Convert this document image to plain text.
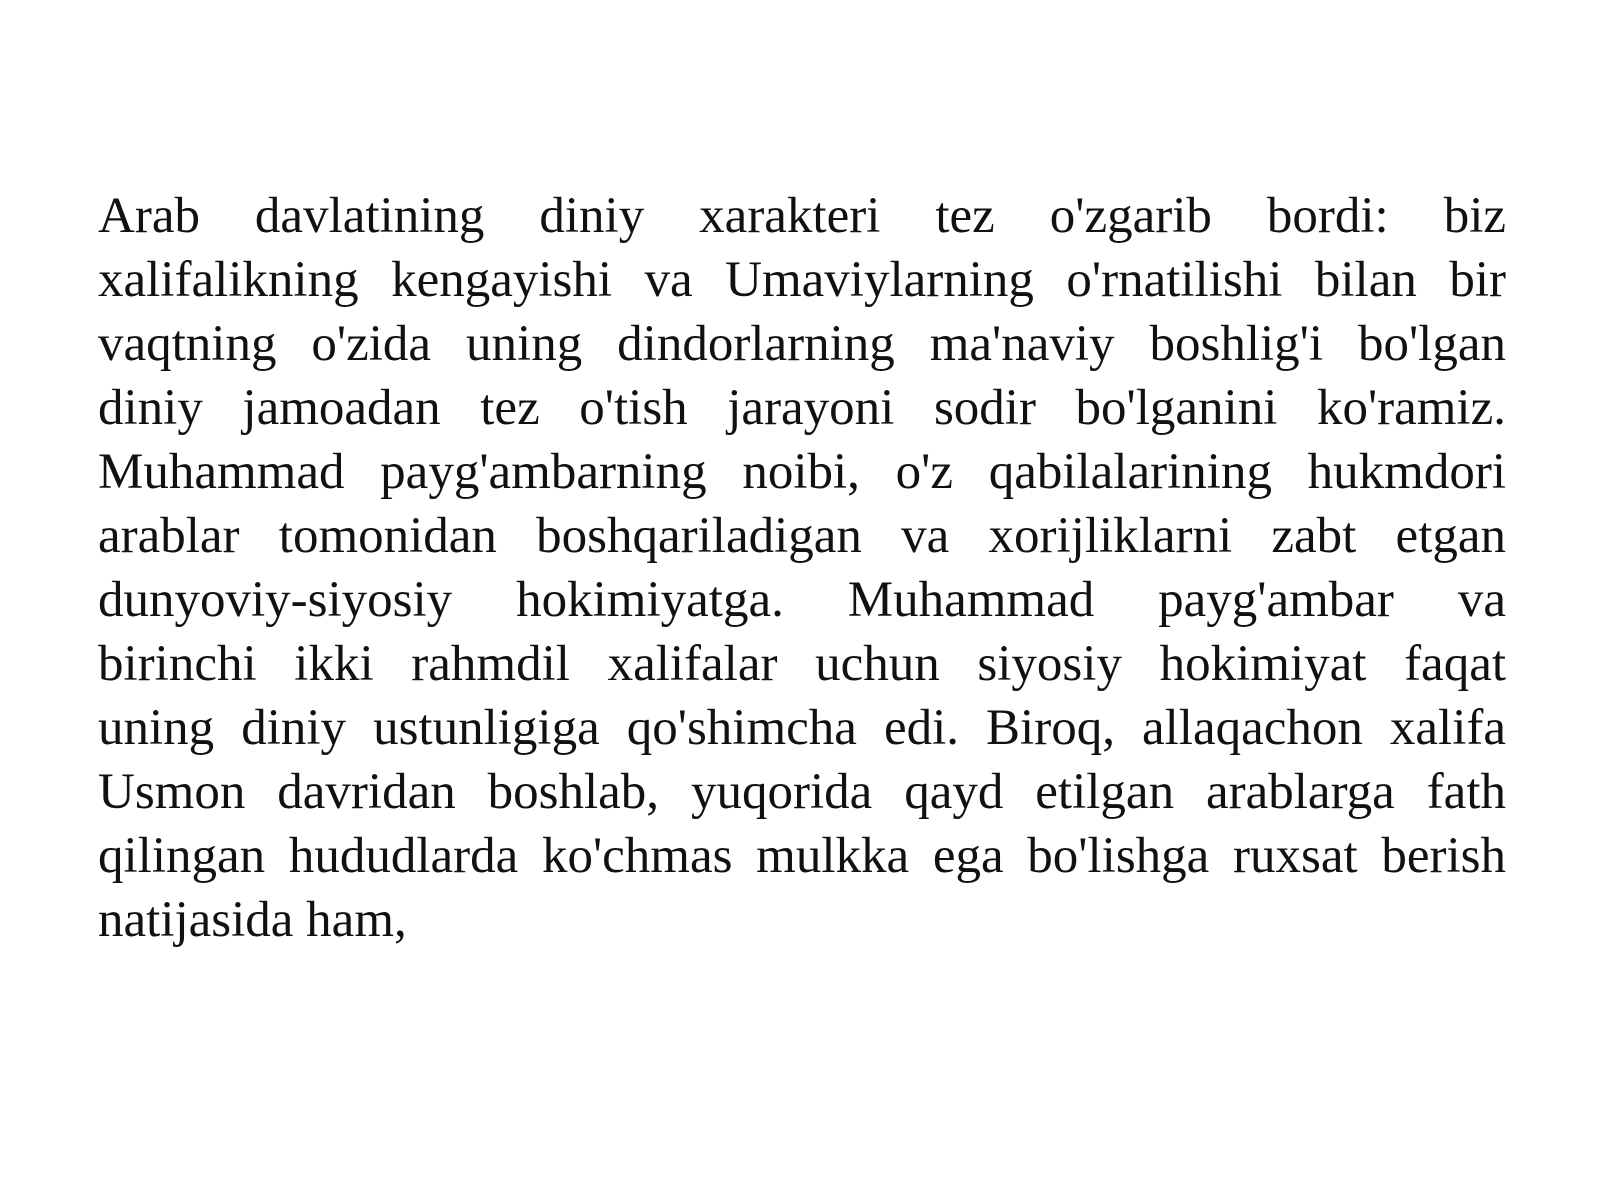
Arab davlatining diniy xarakteri tez o'zgarib bordi: biz
xalifalikning kengayishi va Umaviylarning o'rnatilishi bilan bir
vaqtning o'zida uning dindorlarning ma'naviy boshlig'i bo'lgan
diniy jamoadan tez o'tish jarayoni sodir bo'lganini ko'ramiz.
Muhammad payg'ambarning noibi, o'z qabilalarining hukmdori
arablar tomonidan boshqariladigan va xorijliklarni zabt etgan
dunyoviy-siyosiy hokimiyatga. Muhammad payg'ambar va
birinchi ikki rahmdil xalifalar uchun siyosiy hokimiyat faqat
uning diniy ustunligiga qo'shimcha edi. Biroq, allaqachon xalifa
Usmon davridan boshlab, yuqorida qayd etilgan arablarga fath
qilingan hududlarda ko'chmas mulkka ega bo'lishga ruxsat berish
natijasida ham,
